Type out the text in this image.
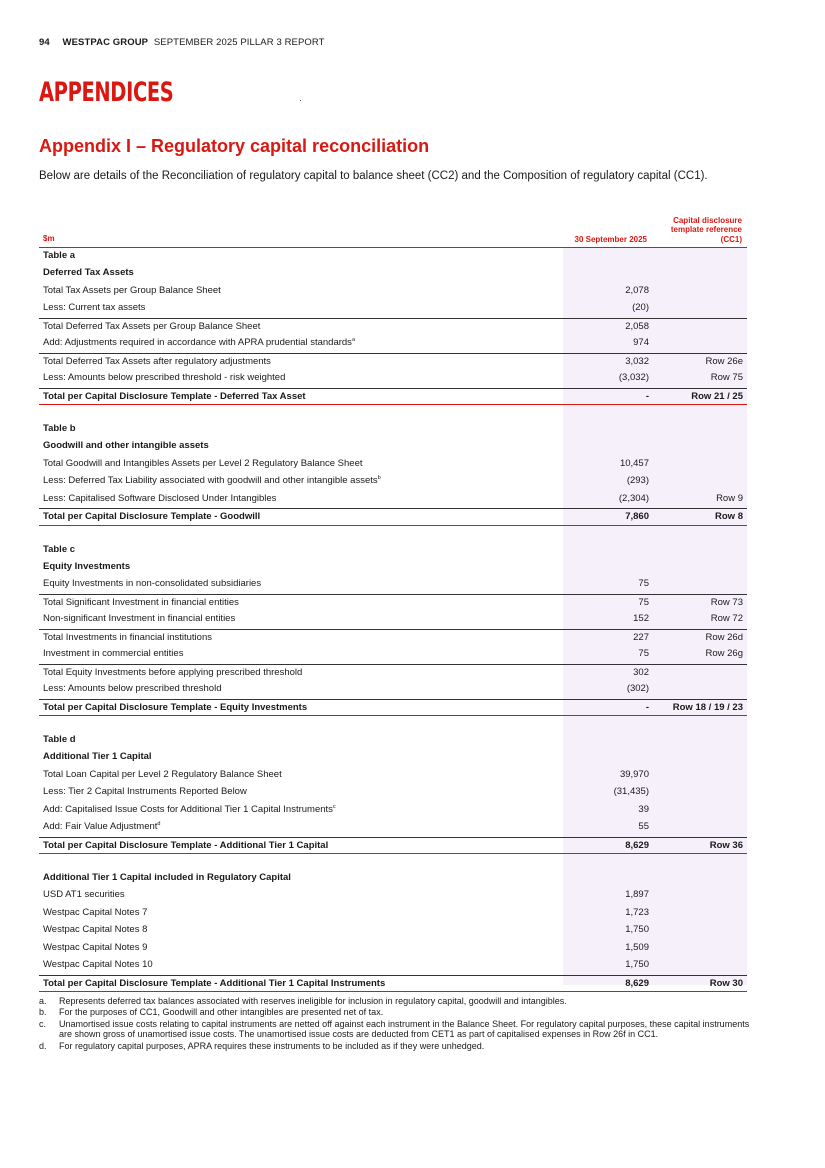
94 WESTPAC GROUP SEPTEMBER 2025 PILLAR 3 REPORT
APPENDICES
Appendix I – Regulatory capital reconciliation
Below are details of the Reconciliation of regulatory capital to balance sheet (CC2) and the Composition of regulatory capital (CC1).
$m	30 September 2025
Capital disclosure template reference (CC1)
Table a
Deferred Tax Assets
Total Tax Assets per Group Balance Sheet	2,078
Less: Current tax assets	(20)
Total Deferred Tax Assets per Group Balance Sheet	2,058
Add: Adjustments required in accordance with APRA prudential standards$^a$	974
Total Deferred Tax Assets after regulatory adjustments	3,032	Row 26e
Less: Amounts below prescribed threshold - risk weighted	(3,032)	Row 75
Total per Capital Disclosure Template - Deferred Tax Asset	-	Row 21 / 25
Table b
Goodwill and other intangible assets
Total Goodwill and Intangibles Assets per Level 2 Regulatory Balance Sheet	10,457
Less: Deferred Tax Liability associated with goodwill and other intangible assets$^b$	(293)
Less: Capitalised Software Disclosed Under Intangibles	(2,304)	Row 9
Total per Capital Disclosure Template - Goodwill	7,860	Row 8
Table c
Equity Investments
Equity Investments in non-consolidated subsidiaries	75
Total Significant Investment in financial entities	75	Row 73
Non-significant Investment in financial entities	152	Row 72
Total Investments in financial institutions	227	Row 26d
Investment in commercial entities	75	Row 26g
Total Equity Investments before applying prescribed threshold	302
Less: Amounts below prescribed threshold	(302)
Total per Capital Disclosure Template - Equity Investments	-	Row 18 / 19 / 23
Table d
Additional Tier 1 Capital
Total Loan Capital per Level 2 Regulatory Balance Sheet	39,970
Less: Tier 2 Capital Instruments Reported Below	(31,435)
Add: Capitalised Issue Costs for Additional Tier 1 Capital Instruments$^c$	39
Add: Fair Value Adjustment$^d$	55
Total per Capital Disclosure Template - Additional Tier 1 Capital	8,629	Row 36
Additional Tier 1 Capital included in Regulatory Capital
USD AT1 securities	1,897
Westpac Capital Notes 7	1,723
Westpac Capital Notes 8	1,750
Westpac Capital Notes 9	1,509
Westpac Capital Notes 10	1,750
Total per Capital Disclosure Template - Additional Tier 1 Capital Instruments	8,629	Row 30
a. Represents deferred tax balances associated with reserves ineligible for inclusion in regulatory capital, goodwill and intangibles.
b. For the purposes of CC1, Goodwill and other intangibles are presented net of tax.
c. Unamortised issue costs relating to capital instruments are netted off against each instrument in the Balance Sheet. For regulatory capital purposes, these capital instruments are shown gross of unamortised issue costs. The unamortised issue costs are deducted from CET1 as part of capitalised expenses in Row 26f in CC1.
d. For regulatory capital purposes, APRA requires these instruments to be included as if they were unhedged.
